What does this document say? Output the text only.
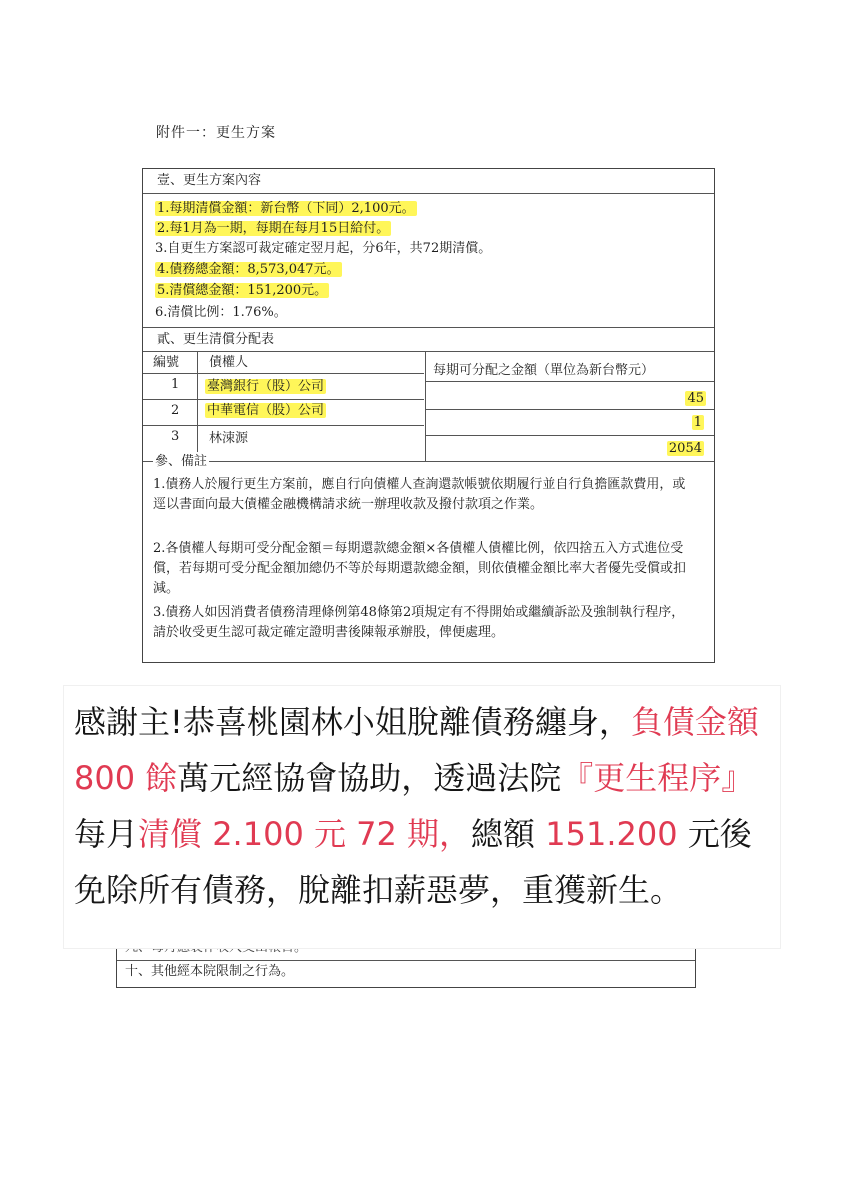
附件一：更生方案
壹、更生方案內容
1.每期清償金額：新台幣（下同）2,100元。
2.每1月為一期，每期在每月15日給付。
3.自更生方案認可裁定確定翌月起，分6年，共72期清償。
4.債務總金額：8,573,047元。
5.清償總金額：151,200元。
6.清償比例：1.76%。
貳、更生清償分配表
編號 債權人
每期可分配之金額（單位為新台幣元）
1 臺灣銀行（股）公司
45
2 中華電信（股）公司
1
3 林涑源
2054
參、備註
1.債務人於履行更生方案前，應自行向債權人查詢還款帳號依期履行並自行負擔匯款費用，或逕以書面向最大債權金融機構請求統一辦理收款及撥付款項之作業。
2.各債權人每期可受分配金額＝每期還款總金額×各債權人債權比例，依四捨五入方式進位受償，若每期可受分配金額加總仍不等於每期還款總金額，則依債權金額比率大者優先受償或扣減。
3.債務人如因消費者債務清理條例第48條第2項規定有不得開始或繼續訴訟及強制執行程序，請於收受更生認可裁定確定證明書後陳報承辦股，俾便處理。
十、其他經本院限制之行為。
感謝主!恭喜桃園林小姐脫離債務纏身，負債金額 800 餘萬元經協會協助，透過法院『更生程序』每月清償 2.100 元 72 期，總額 151.200 元後免除所有債務，脫離扣薪惡夢，重獲新生。
